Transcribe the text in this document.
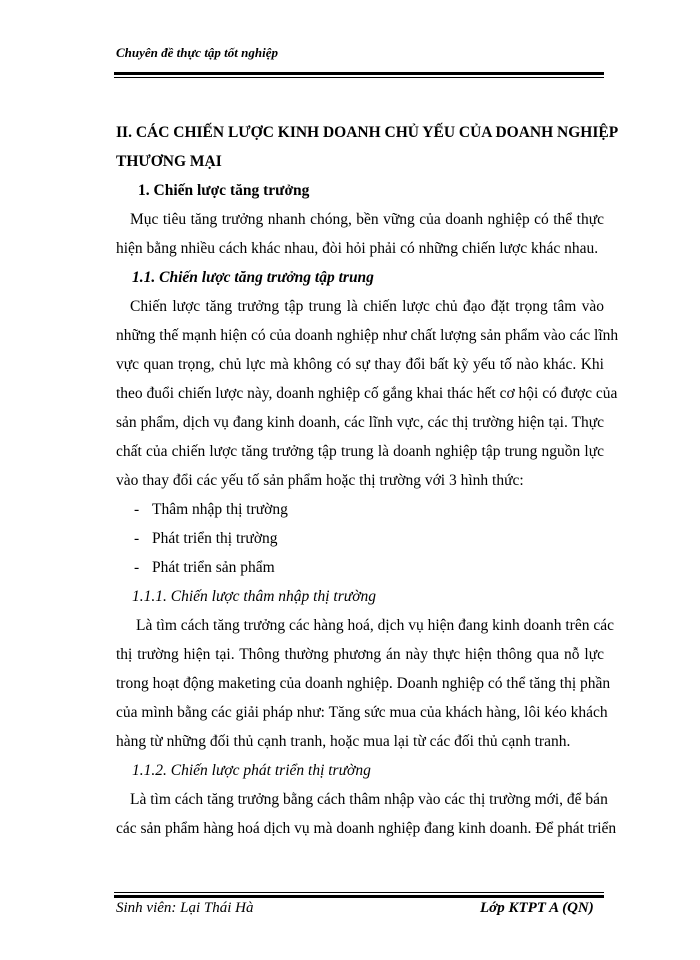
Chuyên đề thực tập tốt nghiệp
II. CÁC CHIẾN LƯỢC KINH DOANH CHỦ YẾU CỦA DOANH NGHIỆP
THƯƠNG MẠI
1. Chiến lược tăng trưởng
Mục tiêu tăng trưởng nhanh chóng, bền vững của doanh nghiệp có thể thực
hiện bằng nhiều cách khác nhau, đòi hỏi phải có những chiến lược khác nhau.
1.1. Chiến lược tăng trưởng tập trung
Chiến lược tăng trưởng tập trung là chiến lược chủ đạo đặt trọng tâm vào
những thế mạnh hiện có của doanh nghiệp như chất lượng sản phẩm vào các lĩnh
vực quan trọng, chủ lực mà không có sự thay đổi bất kỳ yếu tố nào khác. Khi
theo đuổi chiến lược này, doanh nghiệp cố gắng khai thác hết cơ hội có được của
sản phẩm, dịch vụ đang kinh doanh, các lĩnh vực, các thị trường hiện tại. Thực
chất của chiến lược tăng trưởng tập trung là doanh nghiệp tập trung nguồn lực
vào thay đổi các yếu tố sản phẩm hoặc thị trường với 3 hình thức:
- Thâm nhập thị trường
- Phát triển thị trường
- Phát triển sản phẩm
1.1.1. Chiến lược thâm nhập thị trường
Là tìm cách tăng trưởng các hàng hoá, dịch vụ hiện đang kinh doanh trên các
thị trường hiện tại. Thông thường phương án này thực hiện thông qua nỗ lực
trong hoạt động maketing của doanh nghiệp. Doanh nghiệp có thể tăng thị phần
của mình bằng các giải pháp như: Tăng sức mua của khách hàng, lôi kéo khách
hàng từ những đối thủ cạnh tranh, hoặc mua lại từ các đối thủ cạnh tranh.
1.1.2. Chiến lược phát triển thị trường
Là tìm cách tăng trưởng bằng cách thâm nhập vào các thị trường mới, để bán
các sản phẩm hàng hoá dịch vụ mà doanh nghiệp đang kinh doanh. Để phát triển
Sinh viên: Lại Thái Hà	Lớp KTPT A (QN)
